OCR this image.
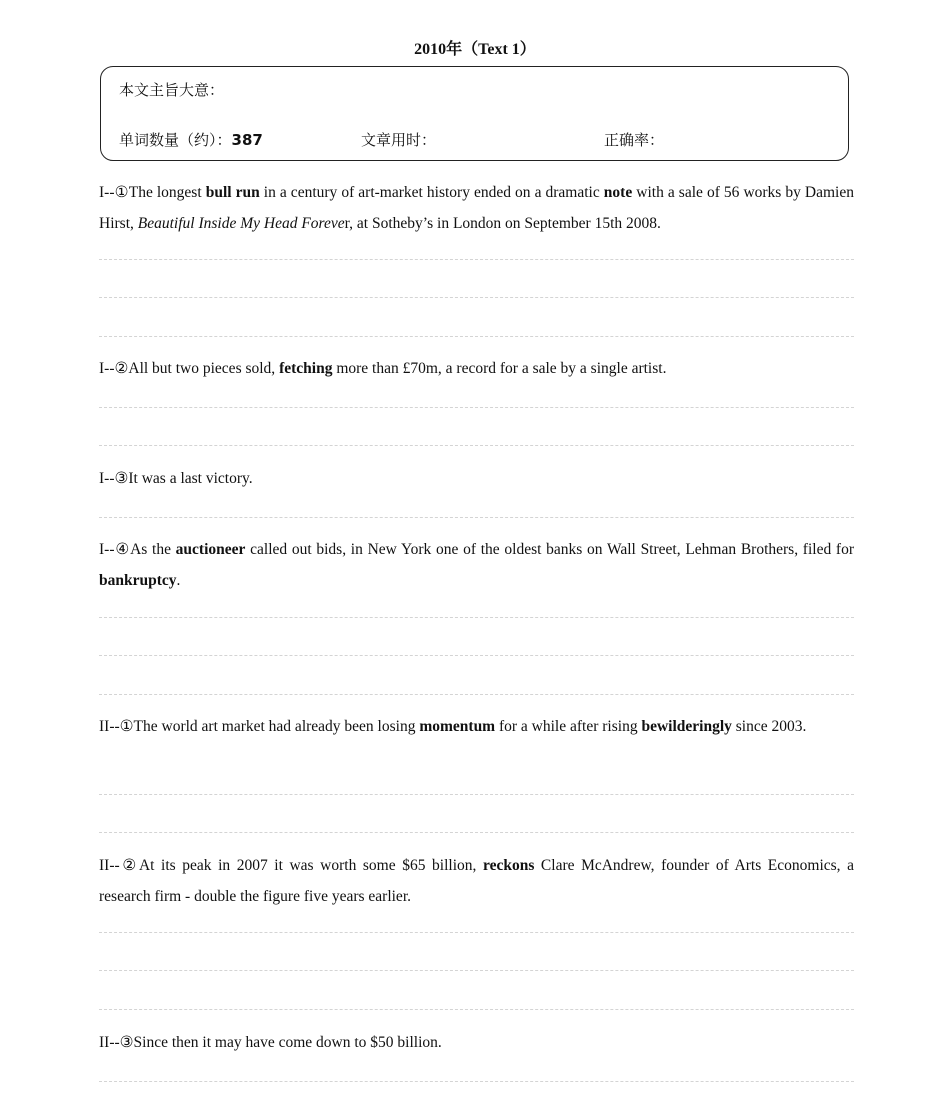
2010年（Text 1）
本文主旨大意：
单词数量（约）：387	文章用时：	正确率：
I--①The longest bull run in a century of art-market history ended on a dramatic note with a sale of 56 works by Damien Hirst, Beautiful Inside My Head Forever, at Sotheby’s in London on September 15th 2008.
I--②All but two pieces sold, fetching more than £70m, a record for a sale by a single artist.
I--③It was a last victory.
I--④As the auctioneer called out bids, in New York one of the oldest banks on Wall Street, Lehman Brothers, filed for bankruptcy.
II--①The world art market had already been losing momentum for a while after rising bewilderingly since 2003.
II--②At its peak in 2007 it was worth some $65 billion, reckons Clare McAndrew, founder of Arts Economics, a research firm - double the figure five years earlier.
II--③Since then it may have come down to $50 billion.
